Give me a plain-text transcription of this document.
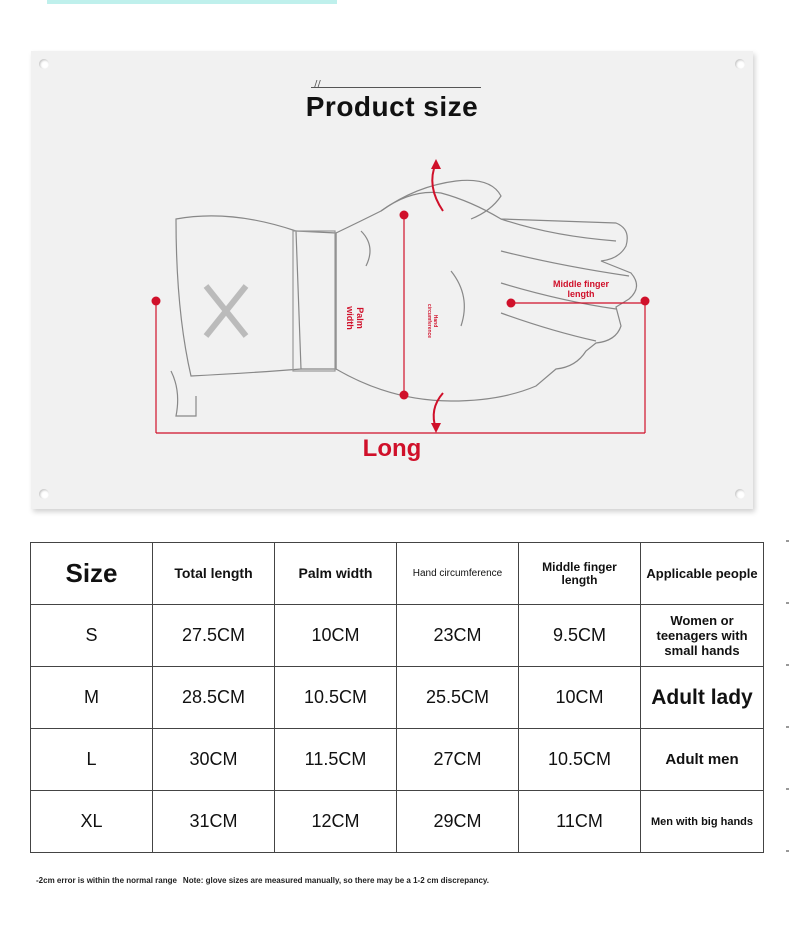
//
Product size
Middle finger length
Palm width	Hand circumference
Long
Size	Total length	Palm width	Hand circumference	Middle finger length	Applicable people
S	27.5CM	10CM	23CM	9.5CM	Women or teenagers with small hands
M	28.5CM	10.5CM	25.5CM	10CM	Adult lady
L	30CM	11.5CM	27CM	10.5CM	Adult men
XL	31CM	12CM	29CM	11CM	Men with big hands
-2cm error is within the normal range Note: glove sizes are measured manually, so there may be a 1-2 cm discrepancy.
